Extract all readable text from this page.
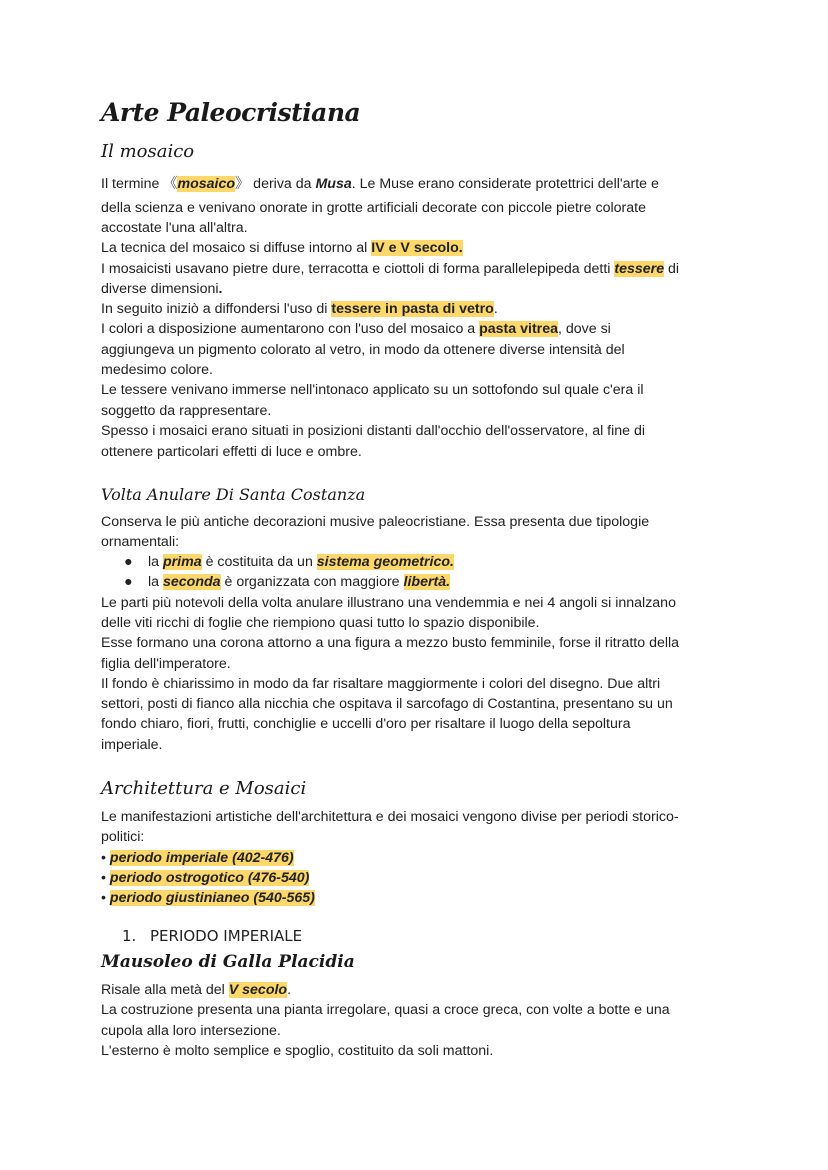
Arte Paleocristiana
Il mosaico

Il termine 《mosaico》 deriva da Musa. Le Muse erano considerate protettrici dell'arte e

della scienza e venivano onorate in grotte artificiali decorate con piccole pietre colorate

accostate l'una all'altra.

La tecnica del mosaico si diffuse intorno al IV e V secolo.

I mosaicisti usavano pietre dure, terracotta e ciottoli di forma parallelepipeda detti tessere di

diverse dimensioni.

In seguito iniziò a diffondersi l'uso di tessere in pasta di vetro.

I colori a disposizione aumentarono con l'uso del mosaico a pasta vitrea, dove si

aggiungeva un pigmento colorato al vetro, in modo da ottenere diverse intensità del

medesimo colore.

Le tessere venivano immerse nell'intonaco applicato su un sottofondo sul quale c'era il

soggetto da rappresentare.

Spesso i mosaici erano situati in posizioni distanti dall'occhio dell'osservatore, al fine di

ottenere particolari effetti di luce e ombre.

Volta Anulare Di Santa Costanza

Conserva le più antiche decorazioni musive paleocristiane. Essa presenta due tipologie

ornamentali:

● la prima è costituita da un sistema geometrico.
● la seconda è organizzata con maggiore libertà.

Le parti più notevoli della volta anulare illustrano una vendemmia e nei 4 angoli si innalzano

delle viti ricchi di foglie che riempiono quasi tutto lo spazio disponibile.

Esse formano una corona attorno a una figura a mezzo busto femminile, forse il ritratto della

figlia dell'imperatore.

Il fondo è chiarissimo in modo da far risaltare maggiormente i colori del disegno. Due altri

settori, posti di fianco alla nicchia che ospitava il sarcofago di Costantina, presentano su un

fondo chiaro, fiori, frutti, conchiglie e uccelli d'oro per risaltare il luogo della sepoltura

imperiale.

Architettura e Mosaici

Le manifestazioni artistiche dell'architettura e dei mosaici vengono divise per periodi storico-

politici:

• periodo imperiale (402-476)

• periodo ostrogotico (476-540)

• periodo giustinianeo (540-565)

1. PERIODO IMPERIALE
Mausoleo di Galla Placidia

Risale alla metà del V secolo.

La costruzione presenta una pianta irregolare, quasi a croce greca, con volte a botte e una

cupola alla loro intersezione.

L'esterno è molto semplice e spoglio, costituito da soli mattoni.
